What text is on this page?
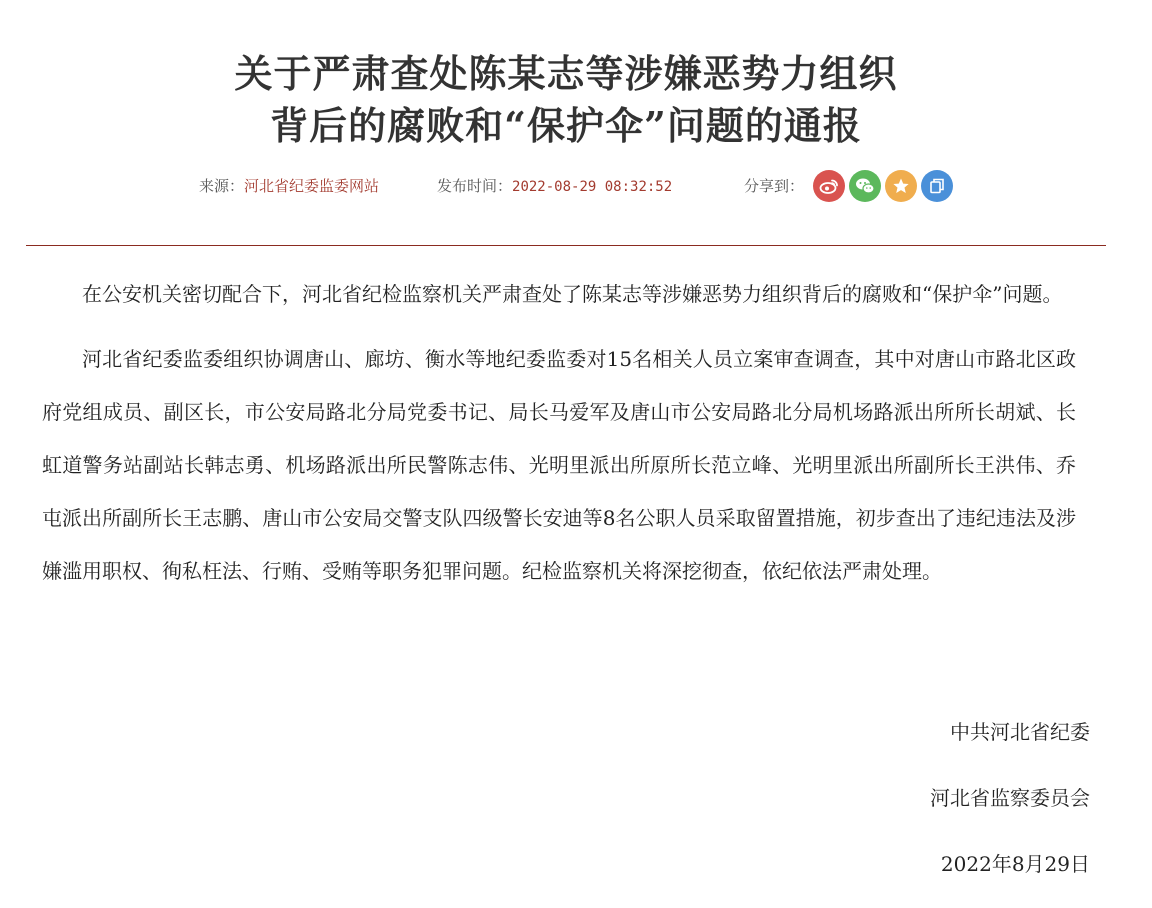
关于严肃查处陈某志等涉嫌恶势力组织
背后的腐败和“保护伞”问题的通报
来源：河北省纪委监委网站	发布时间：2022-08-29 08:32:52	分享到：

在公安机关密切配合下，河北省纪检监察机关严肃查处了陈某志等涉嫌恶势力组织背后的腐败和“保护伞”问题。

河北省纪委监委组织协调唐山、廊坊、衡水等地纪委监委对15名相关人员立案审查调查，其中对唐山市路北区政府党组成员、副区长，市公安局路北分局党委书记、局长马爱军及唐山市公安局路北分局机场路派出所所长胡斌、长虹道警务站副站长韩志勇、机场路派出所民警陈志伟、光明里派出所原所长范立峰、光明里派出所副所长王洪伟、乔屯派出所副所长王志鹏、唐山市公安局交警支队四级警长安迪等8名公职人员采取留置措施，初步查出了违纪违法及涉嫌滥用职权、徇私枉法、行贿、受贿等职务犯罪问题。纪检监察机关将深挖彻查，依纪依法严肃处理。

中共河北省纪委
河北省监察委员会
2022年8月29日
